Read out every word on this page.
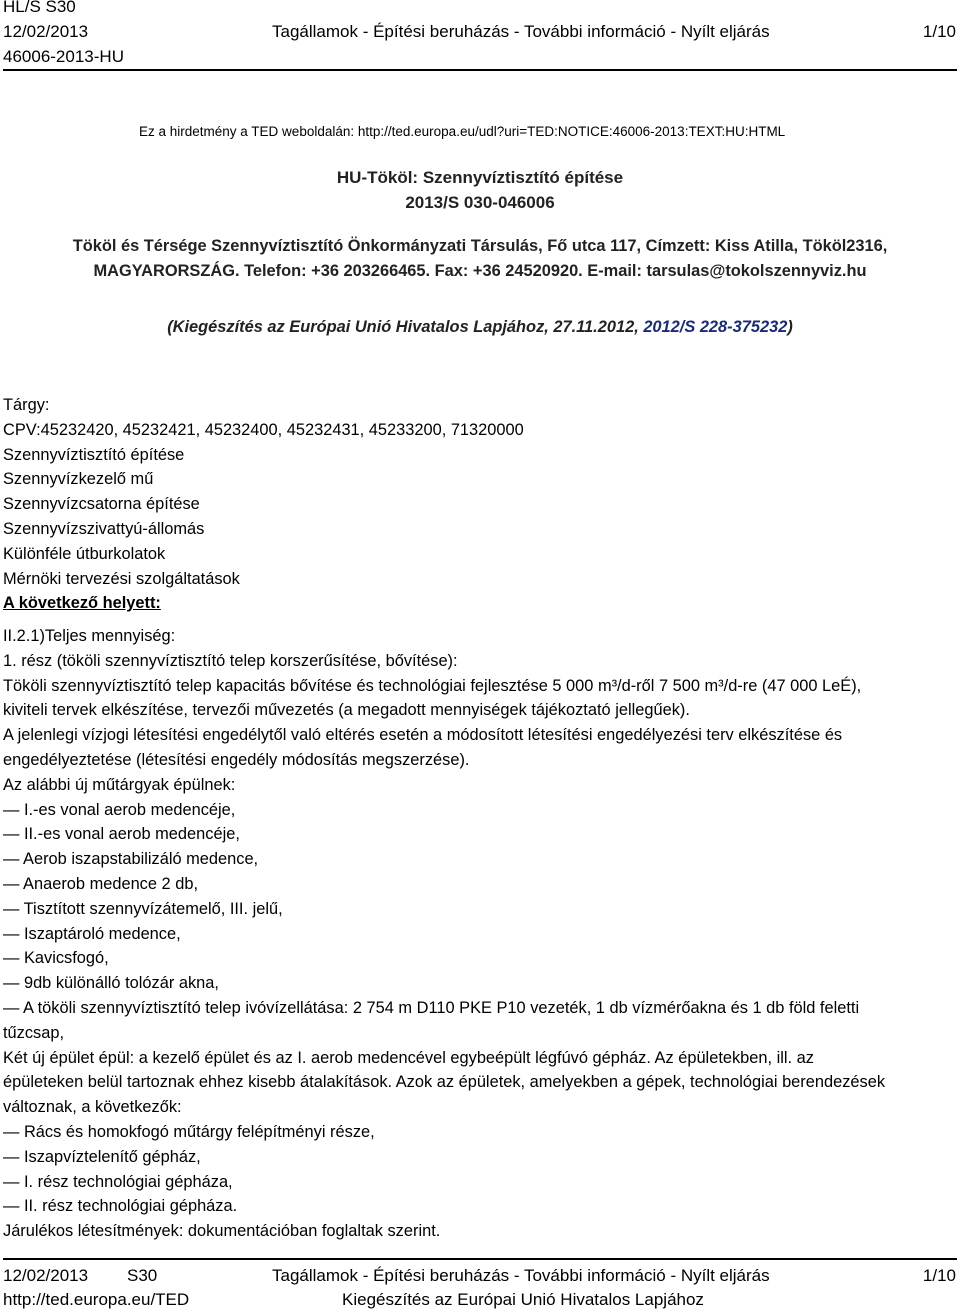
HL/S S30
12/02/2013
46006-2013-HU
Tagállamok - Építési beruházás - További információ - Nyílt eljárás	1/10
Ez a hirdetmény a TED weboldalán: http://ted.europa.eu/udl?uri=TED:NOTICE:46006-2013:TEXT:HU:HTML
HU-Tököl: Szennyvíztisztító építése
2013/S 030-046006
Tököl és Térsége Szennyvíztisztító Önkormányzati Társulás, Fő utca 117, Címzett: Kiss Atilla, Tököl2316,
MAGYARORSZÁG. Telefon: +36 203266465. Fax: +36 24520920. E-mail: tarsulas@tokolszennyviz.hu
(Kiegészítés az Európai Unió Hivatalos Lapjához, 27.11.2012, 2012/S 228-375232)
Tárgy:
CPV:45232420, 45232421, 45232400, 45232431, 45233200, 71320000
Szennyvíztisztító építése
Szennyvízkezelő mű
Szennyvízcsatorna építése
Szennyvízszivattyú-állomás
Különféle útburkolatok
Mérnöki tervezési szolgáltatások
A következő helyett:
II.2.1)Teljes mennyiség:
1. rész (tököli szennyvíztisztító telep korszerűsítése, bővítése):
Tököli szennyvíztisztító telep kapacitás bővítése és technológiai fejlesztése 5 000 m³/d-ről 7 500 m³/d-re (47 000 LeÉ),
kiviteli tervek elkészítése, tervezői művezetés (a megadott mennyiségek tájékoztató jellegűek).
A jelenlegi vízjogi létesítési engedélytől való eltérés esetén a módosított létesítési engedélyezési terv elkészítése és
engedélyeztetése (létesítési engedély módosítás megszerzése).
Az alábbi új műtárgyak épülnek:
— I.-es vonal aerob medencéje,
— II.-es vonal aerob medencéje,
— Aerob iszapstabilizáló medence,
— Anaerob medence 2 db,
— Tisztított szennyvízátemelő, III. jelű,
— Iszaptároló medence,
— Kavicsfogó,
— 9db különálló tolózár akna,
— A tököli szennyvíztisztító telep ivóvízellátása: 2 754 m D110 PKE P10 vezeték, 1 db vízmérőakna és 1 db föld feletti
tűzcsap,
Két új épület épül: a kezelő épület és az I. aerob medencével egybeépült légfúvó gépház. Az épületekben, ill. az
épületeken belül tartoznak ehhez kisebb átalakítások. Azok az épületek, amelyekben a gépek, technológiai berendezések
változnak, a következők:
— Rács és homokfogó műtárgy felépítményi része,
— Iszapvíztelenítő gépház,
— I. rész technológiai gépháza,
— II. rész technológiai gépháza.
Járulékos létesítmények: dokumentációban foglaltak szerint.
12/02/2013 S30	Tagállamok - Építési beruházás - További információ - Nyílt eljárás	1/10
http://ted.europa.eu/TED	Kiegészítés az Európai Unió Hivatalos Lapjához
